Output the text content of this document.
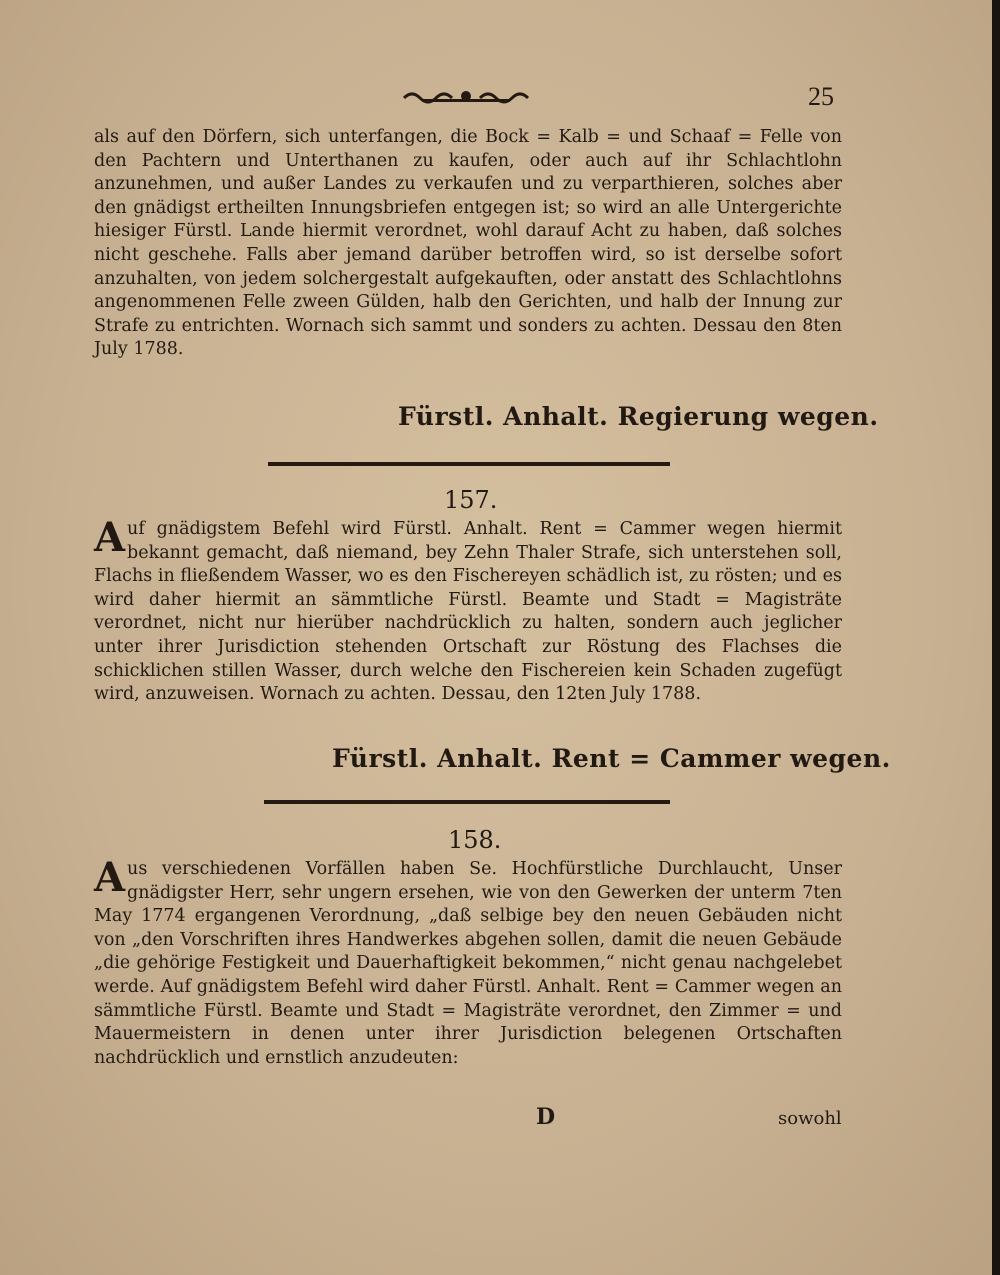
25

als auf den Dörfern, sich unterfangen, die Bock = Kalb = und Schaaf = Felle von den Pachtern und Unterthanen zu kaufen, oder auch auf ihr Schlachtlohn anzunehmen, und außer Landes zu verkaufen und zu verparthieren, solches aber den gnädigst ertheilten Innungsbriefen entgegen ist; so wird an alle Untergerichte hiesiger Fürstl. Lande hiermit verordnet, wohl darauf Acht zu haben, daß solches nicht geschehe. Falls aber jemand darüber betroffen wird, so ist derselbe sofort anzuhalten, von jedem solchergestalt aufgekauften, oder anstatt des Schlachtlohns angenommenen Felle zween Gülden, halb den Gerichten, und halb der Innung zur Strafe zu entrichten. Wornach sich sammt und sonders zu achten. Dessau den 8ten July 1788.

Fürstl. Anhalt. Regierung wegen.
157.

Auf gnädigstem Befehl wird Fürstl. Anhalt. Rent = Cammer wegen hiermit bekannt gemacht, daß niemand, bey Zehn Thaler Strafe, sich unterstehen soll, Flachs in fließendem Wasser, wo es den Fischereyen schädlich ist, zu rösten; und es wird daher hiermit an sämmtliche Fürstl. Beamte und Stadt = Magisträte verordnet, nicht nur hierüber nachdrücklich zu halten, sondern auch jeglicher unter ihrer Jurisdiction stehenden Ortschaft zur Röstung des Flachses die schicklichen stillen Wasser, durch welche den Fischereien kein Schaden zugefügt wird, anzuweisen. Wornach zu achten. Dessau, den 12ten July 1788.

Fürstl. Anhalt. Rent = Cammer wegen.
158.

Aus verschiedenen Vorfällen haben Se. Hochfürstliche Durchlaucht, Unser gnädigster Herr, sehr ungern ersehen, wie von den Gewerken der unterm 7ten May 1774 ergangenen Verordnung, „daß selbige bey den neuen Gebäuden nicht von „den Vorschriften ihres Handwerkes abgehen sollen, damit die neuen Gebäude „die gehörige Festigkeit und Dauerhaftigkeit bekommen,“ nicht genau nachgelebet werde. Auf gnädigstem Befehl wird daher Fürstl. Anhalt. Rent = Cammer wegen an sämmtliche Fürstl. Beamte und Stadt = Magisträte verordnet, den Zimmer = und Mauermeistern in denen unter ihrer Jurisdiction belegenen Ortschaften nachdrücklich und ernstlich anzudeuten:

D	sowohl
